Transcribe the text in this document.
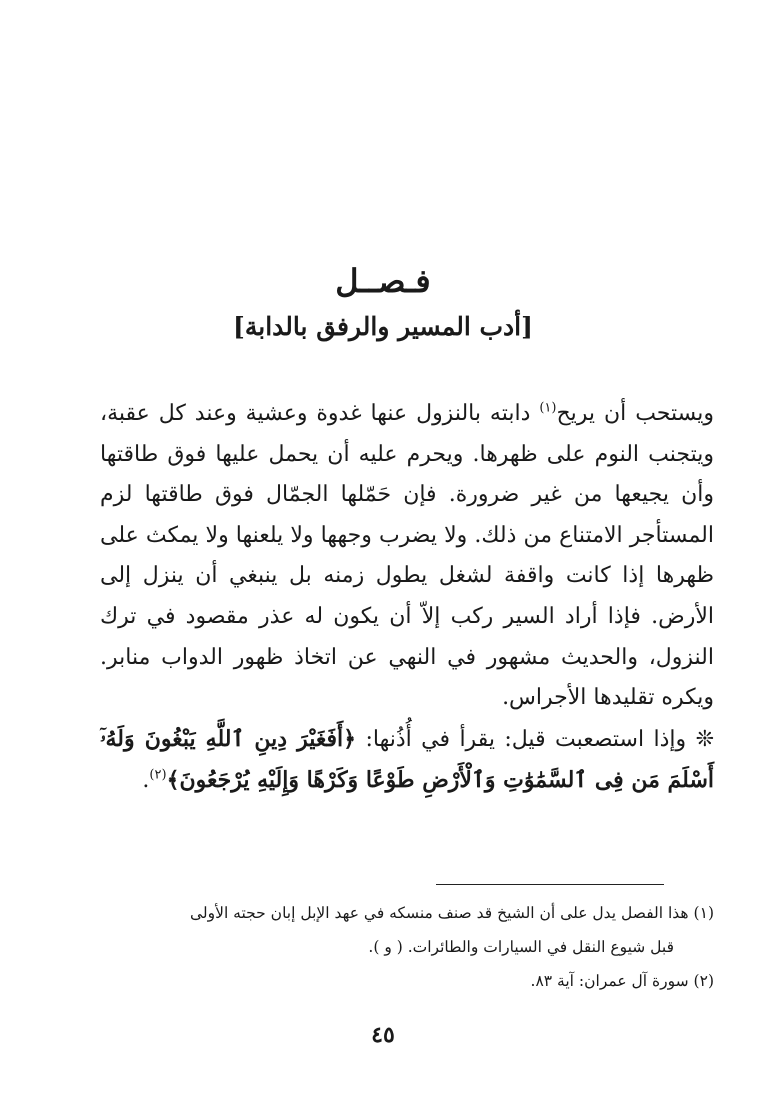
فـصــل
[أدب المسير والرفق بالدابة]

ويستحب أن يريح$^{(١)}$ دابته بالنزول عنها غدوة وعشية وعند كل عقبة، ويتجنب النوم على ظهرها. ويحرم عليه أن يحمل عليها فوق طاقتها وأن يجيعها من غير ضرورة. فإن حَمّلها الجمّال فوق طاقتها لزم المستأجر الامتناع من ذلك. ولا يضرب وجهها ولا يلعنها ولا يمكث على ظهرها إذا كانت واقفة لشغل يطول زمنه بل ينبغي أن ينزل إلى الأرض. فإذا أراد السير ركب إلاّ أن يكون له عذر مقصود في ترك النزول، والحديث مشهور في النهي عن اتخاذ ظهور الدواب منابر. ويكره تقليدها الأجراس.

❊ وإذا استصعبت قيل: يقرأ في أُذُنها: ﴿أَفَغَيْرَ دِينِ ٱللَّهِ يَبْغُونَ وَلَهُۥٓ أَسْلَمَ مَن فِى ٱلسَّمَٰوَٰتِ وَٱلْأَرْضِ طَوْعًا وَكَرْهًا وَإِلَيْهِ يُرْجَعُونَ﴾$^{(٢)}$.

(١) هذا الفصل يدل على أن الشيخ قد صنف منسكه في عهد الإبل إبان حجته الأولى

قبل شيوع النقل في السيارات والطائرات. ( و ).

(٢) سورة آل عمران: آية ٨٣.

٤٥
